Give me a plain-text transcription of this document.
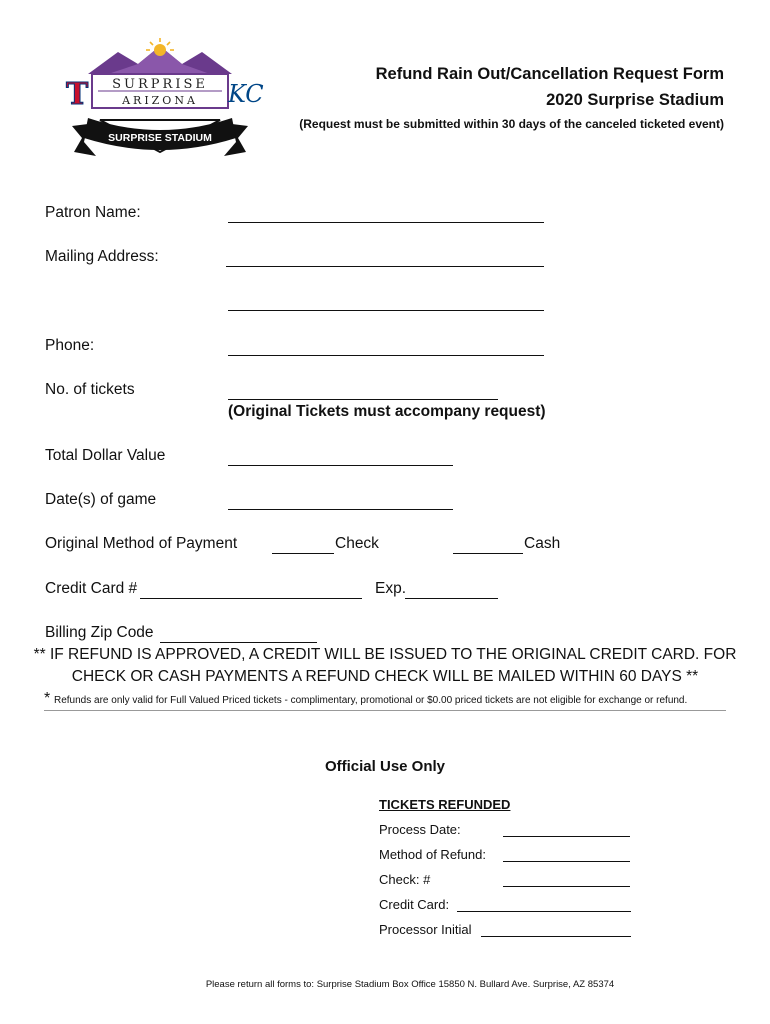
SURPRISE
ARIZONA
SURPRISE STADIUM
T	KC
Refund Rain Out/Cancellation Request Form
2020 Surprise Stadium
(Request must be submitted within 30 days of the canceled ticketed event)
Patron Name:
Mailing Address:
Phone:
No. of tickets
(Original Tickets must accompany request)
Total Dollar Value
Date(s) of game
Original Method of Payment	Check	Cash
Credit Card #	Exp.
Billing Zip Code
** IF REFUND IS APPROVED, A CREDIT WILL BE ISSUED TO THE ORIGINAL CREDIT CARD. FOR
CHECK OR CASH PAYMENTS A REFUND CHECK WILL BE MAILED WITHIN 60 DAYS **
* Refunds are only valid for Full Valued Priced tickets - complimentary, promotional or $0.00 priced tickets are not eligible for exchange or refund.
Official Use Only
TICKETS REFUNDED
Process Date:
Method of Refund:
Check: #
Credit Card:
Processor Initial
Please return all forms to: Surprise Stadium Box Office 15850 N. Bullard Ave. Surprise, AZ 85374
